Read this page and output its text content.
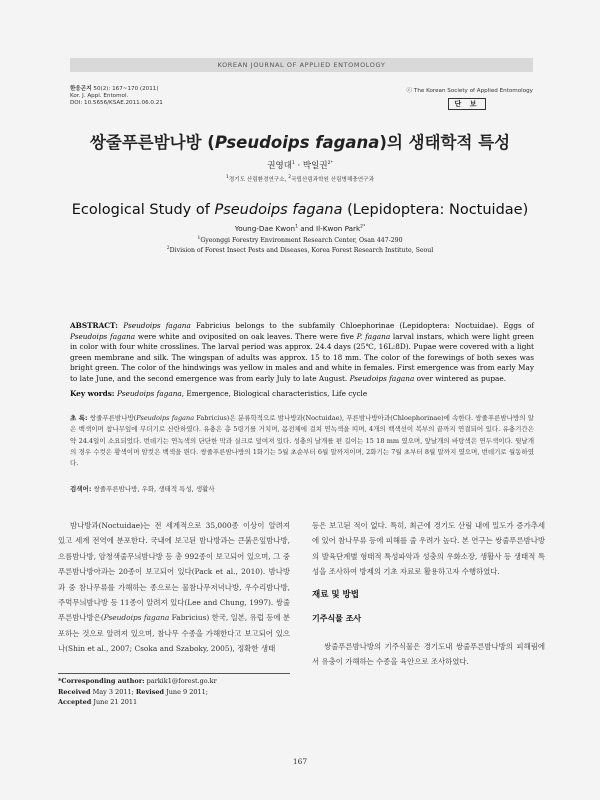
KOREAN JOURNAL OF APPLIED ENTOMOLOGY
한응곤지 50(2): 167~170 (2011)
Kor. J. Appl. Entomol.
DOI: 10.5656/KSAE.2011.06.0.21
ⓒ The Korean Society of Applied Entomology
단 보
쌍줄푸른밤나방 (Pseudoips fagana)의 생태학적 특성
권영대$^1$ · 박일권$^{2*}$
$^1$경기도 산림환경연구소, $^2$국립산림과학원 산림병해충연구과
Ecological Study of Pseudoips fagana (Lepidoptera: Noctuidae)
Young-Dae Kwon$^1$ and Il-Kwon Park$^{2*}$
$^1$Gyeonggi Forestry Environment Research Center, Osan 447-290
$^2$Division of Forest Insect Pests and Diseases, Korea Forest Research Institute, Seoul
ABSTRACT: Pseudoips fagana Fabricius belongs to the subfamily Chloephorinae (Lepidoptera: Noctuidae). Eggs of Pseudoips fagana were white and oviposited on oak leaves. There were five P. fagana larval instars, which were light green in color with four white crosslines. The larval period was approx. 24.4 days (25℃, 16L:8D). Pupae were covered with a light green membrane and silk. The wingspan of adults was approx. 15 to 18 mm. The color of the forewings of both sexes was bright green. The color of the hindwings was yellow in males and and white in females. First emergence was from early May to late June, and the second emergence was from early July to late August. Pseudoips fagana over wintered as pupae.
Key words: Pseudoips fagana, Emergence, Biological characteristics, Life cycle
초 록: 쌍줄푸른밤나방(Pseudoips fagana Fabricius)은 분류학적으로 밤나방과(Noctuidae), 푸른밤나방아과(Chloephorinae)에 속한다. 쌍줄푸른밤나방의 알은 백색이며 참나무잎에 무더기로 산란하였다. 유충은 총 5령기를 거치며, 몸전체에 걸쳐 연녹색을 띠며, 4개의 백색선이 복부의 끝까지 연결되어 있다. 유충기간은 약 24.4일이 소요되었다. 번데기는 연녹색의 단단한 막과 실크로 덮여져 있다. 성충의 날개를 편 길이는 15 18 mm 였으며, 앞날개의 바탕색은 연두색이다. 뒷날개의 경우 수컷은 황색이며 암컷은 백색을 띈다. 쌍줄푸른밤나방의 1화기는 5월 초순부터 6월 말까지이며, 2화기는 7월 초부터 8월 말까지 였으며, 번데기로 월동하였다.
검색어: 쌍줄푸른밤나방, 우화, 생태적 특성, 생활사

밤나방과(Noctuidae)는 전 세계적으로 35,000종 이상이 알려져 있고 세계 전역에 분포한다. 국내에 보고된 밤나방과는 큰붉은잎밤나방, 으름밤나방, 암청색줄무늬밤나방 등 총 992종이 보고되어 있으며, 그 중 푸른밤나방아과는 20종이 보고되어 있다(Pack et al., 2010). 밤나방과 중 참나무류를 가해하는 종으로는 물참나무저녁나방, 우수리밤나방, 주먹무늬밤나방 등 11종이 알려져 있다(Lee and Chung, 1997). 쌍줄푸른밤나방은(Pseudoips fagana Fabricius) 한국, 일본, 유럽 등에 분포하는 것으로 알려져 있으며, 참나무 수종을 가해한다고 보고되어 있으나(Shin et al., 2007; Csoka and Szaboky, 2005), 정확한 생태

등은 보고된 적이 없다. 특히, 최근에 경기도 산림 내에 밀도가 증가추세에 있어 참나무류 등에 피해를 줄 우려가 높다. 본 연구는 쌍줄푸른밤나방의 발육단계별 형태적 특성파악과 성충의 우화소장, 생활사 등 생태적 특성을 조사하여 방제의 기초 자료로 활용하고자 수행하였다.
재료 및 방법
기주식물 조사

쌍줄푸른밤나방의 기주식물은 경기도내 쌍줄푸른밤나방의 피해림에서 유충이 가해하는 수종을 육안으로 조사하였다.

*Corresponding author: parkik1@forest.go.kr
Received May 3 2011; Revised June 9 2011;
Accepted June 21 2011
167
